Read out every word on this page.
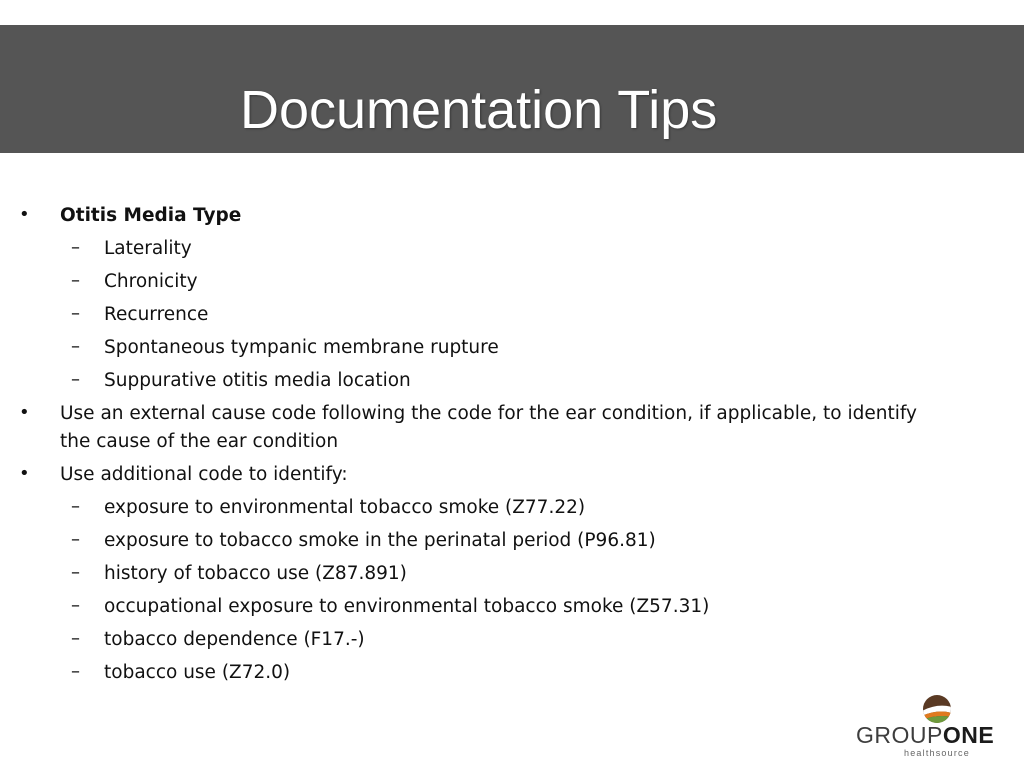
Documentation Tips
• Otitis Media Type
– Laterality
– Chronicity
– Recurrence
– Spontaneous tympanic membrane rupture
– Suppurative otitis media location
• Use an external cause code following the code for the ear condition, if applicable, to identify the cause of the ear condition
• Use additional code to identify:
– exposure to environmental tobacco smoke (Z77.22)
– exposure to tobacco smoke in the perinatal period (P96.81)
– history of tobacco use (Z87.891)
– occupational exposure to environmental tobacco smoke (Z57.31)
– tobacco dependence (F17.-)
– tobacco use (Z72.0)
GROUPONE
healthsource
